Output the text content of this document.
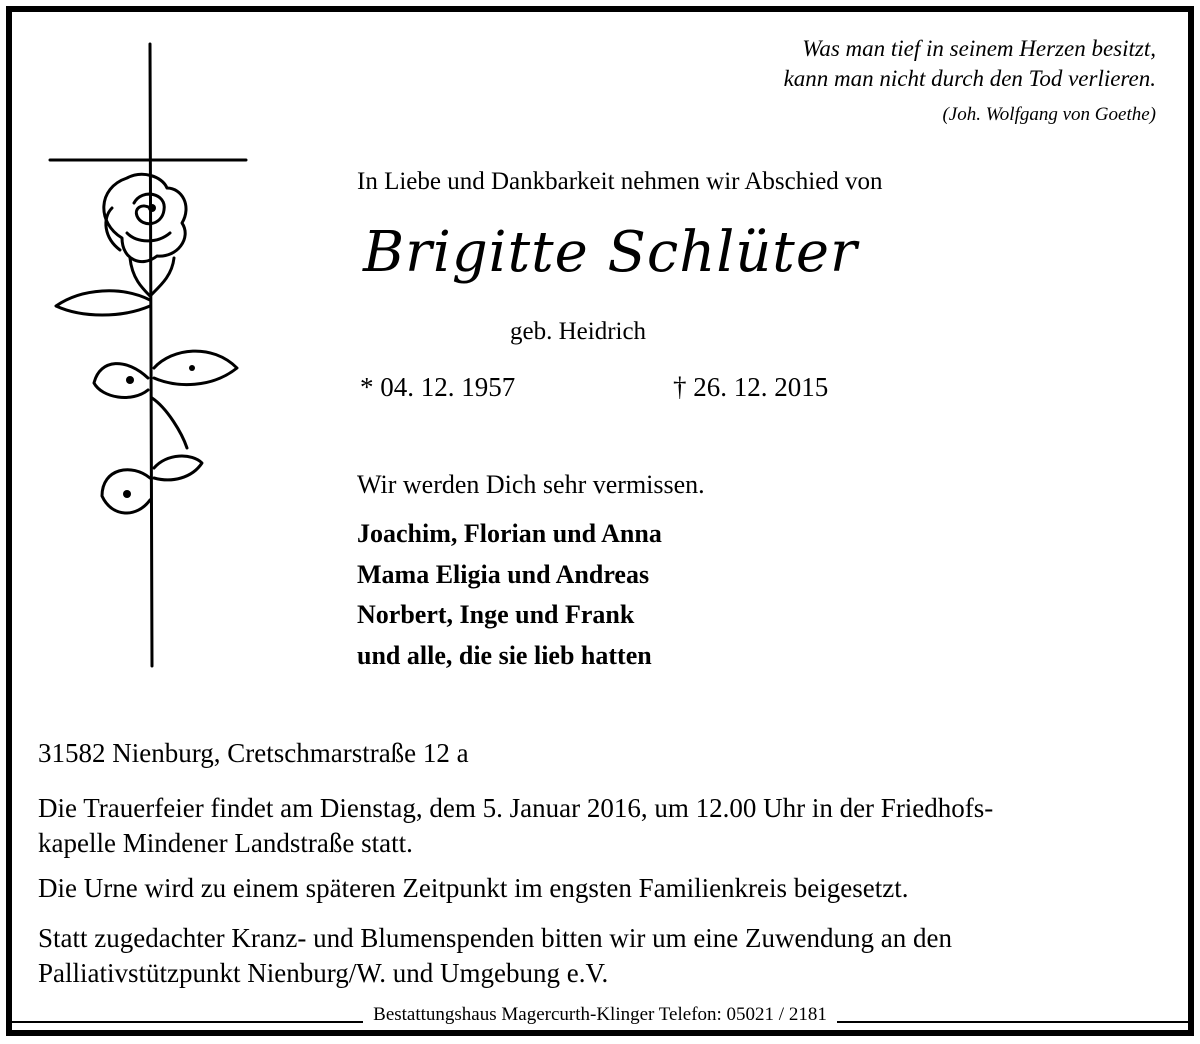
Was man tief in seinem Herzen besitzt,
kann man nicht durch den Tod verlieren.
(Joh. Wolfgang von Goethe)
In Liebe und Dankbarkeit nehmen wir Abschied von
Brigitte Schlüter
geb. Heidrich
* 04. 12. 1957	† 26. 12. 2015
Wir werden Dich sehr vermissen.
Joachim, Florian und Anna
Mama Eligia und Andreas
Norbert, Inge und Frank
und alle, die sie lieb hatten
31582 Nienburg, Cretschmarstraße 12 a
Die Trauerfeier findet am Dienstag, dem 5. Januar 2016, um 12.00 Uhr in der Friedhofs-
kapelle Mindener Landstraße statt.
Die Urne wird zu einem späteren Zeitpunkt im engsten Familienkreis beigesetzt.
Statt zugedachter Kranz- und Blumenspenden bitten wir um eine Zuwendung an den
Palliativstützpunkt Nienburg/W. und Umgebung e.V.
Bestattungshaus Magercurth-Klinger Telefon: 05021 / 2181
